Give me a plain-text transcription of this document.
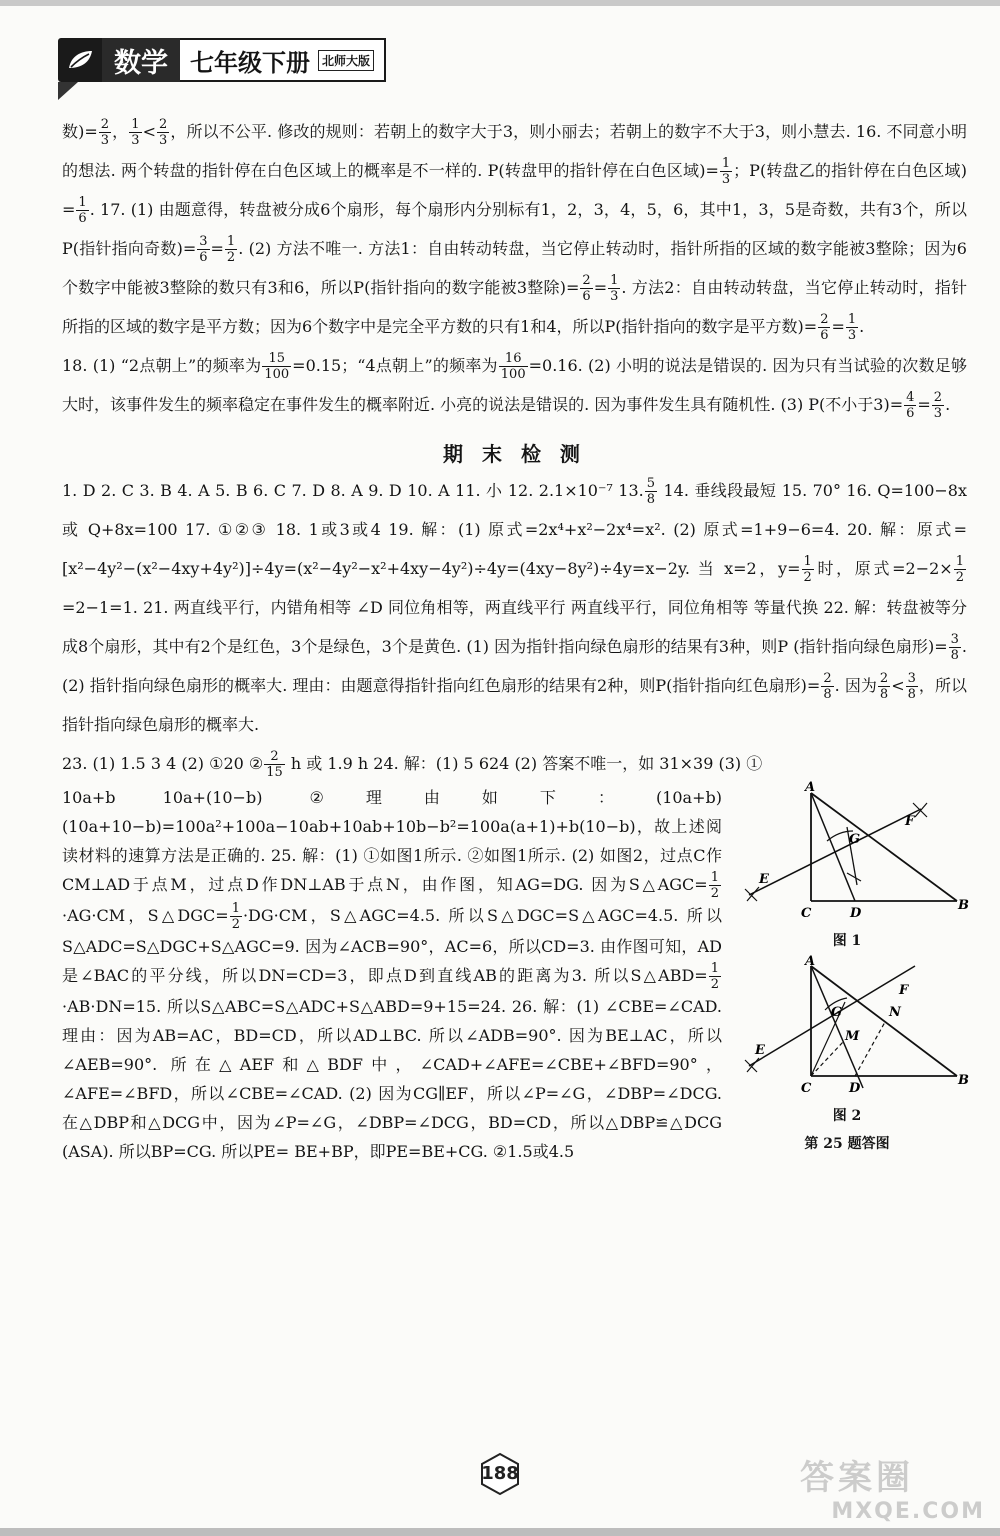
数学 七年级下册	北师大版

数)= $\frac{2}{3}$ ， $\frac{1}{3} < \frac{2}{3}$ ，所以不公平. 修改的规则：若朝上的数字大于3，则小丽去；若朝上的数字不大于3，则小慧去. 16. 不同意小明的想法. 两个转盘的指针停在白色区域上的概率是不一样的. P(转盘甲的指针停在白色区域)= $\frac{1}{3}$ ；P(转盘乙的指针停在白色区域) = $\frac{1}{6}$ . 17. (1) 由题意得，转盘被分成6个扇形，每个扇形内分别标有1，2，3，4，5，6，其中1，3，5是奇数，共有3个，所以P(指针指向奇数)= $\frac{3}{6} = \frac{1}{2}$ . (2) 方法不唯一. 方法1：自由转动转盘，当它停止转动时，指针所指的区域的数字能被3整除；因为6个数字中能被3整除的数只有3和6，所以P(指针指向的数字能被3整除)= $\frac{2}{6} = \frac{1}{3}$ . 方法2：自由转动转盘，当它停止转动时，指针所指的区域的数字是平方数；因为6个数字中是完全平方数的只有1和4，所以P(指针指向的数字是平方数)= $\frac{2}{6} = \frac{1}{3}$ .

18. (1) “2点朝上”的频率为 $\frac{15}{100} =0.15$；“4点朝上”的频率为 $\frac{16}{100} =0.16$. (2) 小明的说法是错误的. 因为只有当试验的次数足够大时，该事件发生的频率稳定在事件发生的概率附近. 小亮的说法是错误的. 因为事件发生具有随机性. (3) P(不小于$3)= \frac{4}{6} = \frac{2}{3}$ .

期 末 检 测

1. D 2. C 3. B 4. A 5. B 6. C 7. D 8. A 9. D 10. A 11. 小 12. 2.1×10⁻⁷ 13. $\frac{5}{8} 14$. 垂线段最短 15. 70° 16. Q=100−8x 或 Q+8x=100 17. ①②③ 18. 1或3或4 19. 解：(1) 原式=2x⁴+x²−2x⁴=x². (2) 原式=1+9−6=4. 20. 解：原式=[x²−4y²−(x²−4xy+4y²)]÷4y=(x²−4y²−x²+4xy−4y²)÷4y=(4xy−8y²)÷4y=x−2y. 当 x=2，$y= \frac{1}{2}$ 时，原式$=2-2\times \frac{1}{2}$
=2−1=1. 21. 两直线平行，内错角相等 ∠D 同位角相等，两直线平行 两直线平行，同位角相等 等量代换 22. 解：转盘被等分成8个扇形，其中有2个是红色，3个是绿色，3个是黄色. (1) 因为指针指向绿色扇形的结果有3种，则P (指针指向绿色扇形)= $\frac{3}{8}$ . (2) 指针指向绿色扇形的概率大. 理由：由题意得指针指向红色扇形的结果有2种，则P(指针指向红色扇形)= $\frac{2}{8}$ . 因为 $\frac{2}{8} < \frac{3}{8}$ ，所以指针指向绿色扇形的概率大.

23. (1) 1.5 3 4 (2) ①20 ② $\frac{2}{15}$ h 或 1.9 h 24. 解：(1) 5 624 (2) 答案不唯一，如 31×39 (3) ①

10a+b 10a+(10−b) ②理由如下：(10a+b)(10a+10−b)=100a²+100a−10ab+10ab+10b−b²=100a(a+1)+b(10−b)，故上述阅读材料的速算方法是正确的. 25. 解：(1) ①如图1所示. ②如图1所示. (2) 如图2，过点C作CM⊥AD于点M，过点D作DN⊥AB于点N，由作图，知AG=DG. 因为S△AGC= $\frac{1}{2}$
·AG·CM，S△DGC= $\frac{1}{2} \cdot DG\cdot CM$，S△AGC=4.5. 所以S△DGC=S△AGC=4.5. 所以S△ADC=S△DGC+S△AGC=9. 因为∠ACB=90°，AC=6，所以CD=3. 由作图可知，AD是∠BAC的平分线，所以DN=CD=3，即点D到直线AB的距离为3. 所以S△ABD= $\frac{1}{2}$
·AB·DN=15. 所以S△ABC=S△ADC+S△ABD=9+15=24. 26. 解：(1) ∠CBE=∠CAD. 理由：因为AB=AC，BD=CD，所以AD⊥BC. 所以∠ADB=90°. 因为BE⊥AC，所以∠AEB=90°. 所在△AEF和△BDF中，∠CAD+∠AFE=∠CBE+∠BFD=90°，∠AFE=∠BFD，所以∠CBE=∠CAD. (2) 因为CG∥EF，所以∠P=∠G，∠DBP=∠DCG. 在△DBP和△DCG中，因为∠P=∠G，∠DBP=∠DCG，BD=CD，所以△DBP≌△DCG (ASA). 所以BP=CG. 所以PE= BE+BP，即PE=BE+CG. ②1.5或4.5

A
F
G
E
C	D
B
图 1
A
F
G	N
M
E
C	D
B
图 2
第 25 题答图
188	答案圈
MXQE.COM
